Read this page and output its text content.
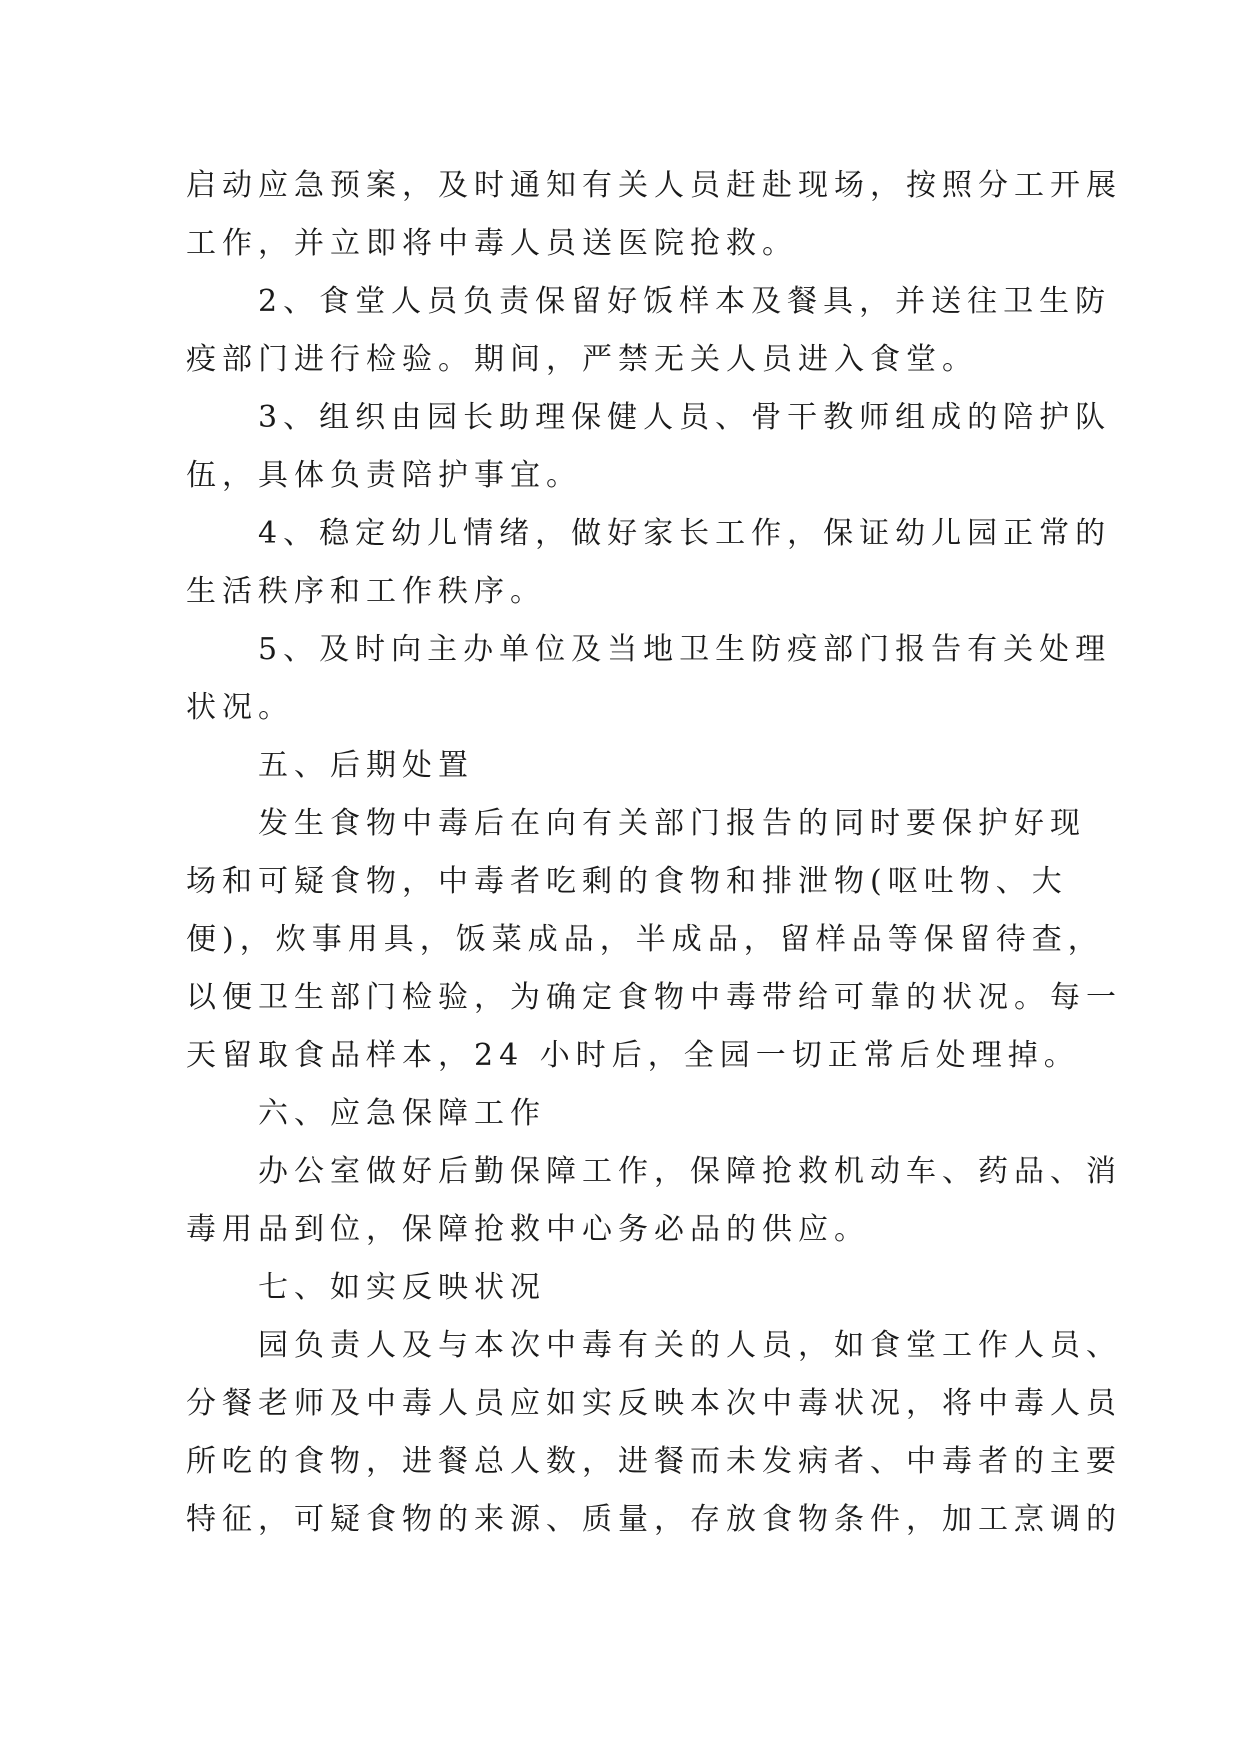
启动应急预案，及时通知有关人员赶赴现场，按照分工开展
工作，并立即将中毒人员送医院抢救。
2、食堂人员负责保留好饭样本及餐具，并送往卫生防
疫部门进行检验。期间，严禁无关人员进入食堂。
3、组织由园长助理保健人员、骨干教师组成的陪护队
伍，具体负责陪护事宜。
4、稳定幼儿情绪，做好家长工作，保证幼儿园正常的
生活秩序和工作秩序。
5、及时向主办单位及当地卫生防疫部门报告有关处理
状况。
五、后期处置
发生食物中毒后在向有关部门报告的同时要保护好现
场和可疑食物，中毒者吃剩的食物和排泄物(呕吐物、大
便)，炊事用具，饭菜成品，半成品，留样品等保留待查，
以便卫生部门检验，为确定食物中毒带给可靠的状况。每一
天留取食品样本，24 小时后，全园一切正常后处理掉。
六、应急保障工作
办公室做好后勤保障工作，保障抢救机动车、药品、消
毒用品到位，保障抢救中心务必品的供应。
七、如实反映状况
园负责人及与本次中毒有关的人员，如食堂工作人员、
分餐老师及中毒人员应如实反映本次中毒状况，将中毒人员
所吃的食物，进餐总人数，进餐而未发病者、中毒者的主要
特征，可疑食物的来源、质量，存放食物条件，加工烹调的
